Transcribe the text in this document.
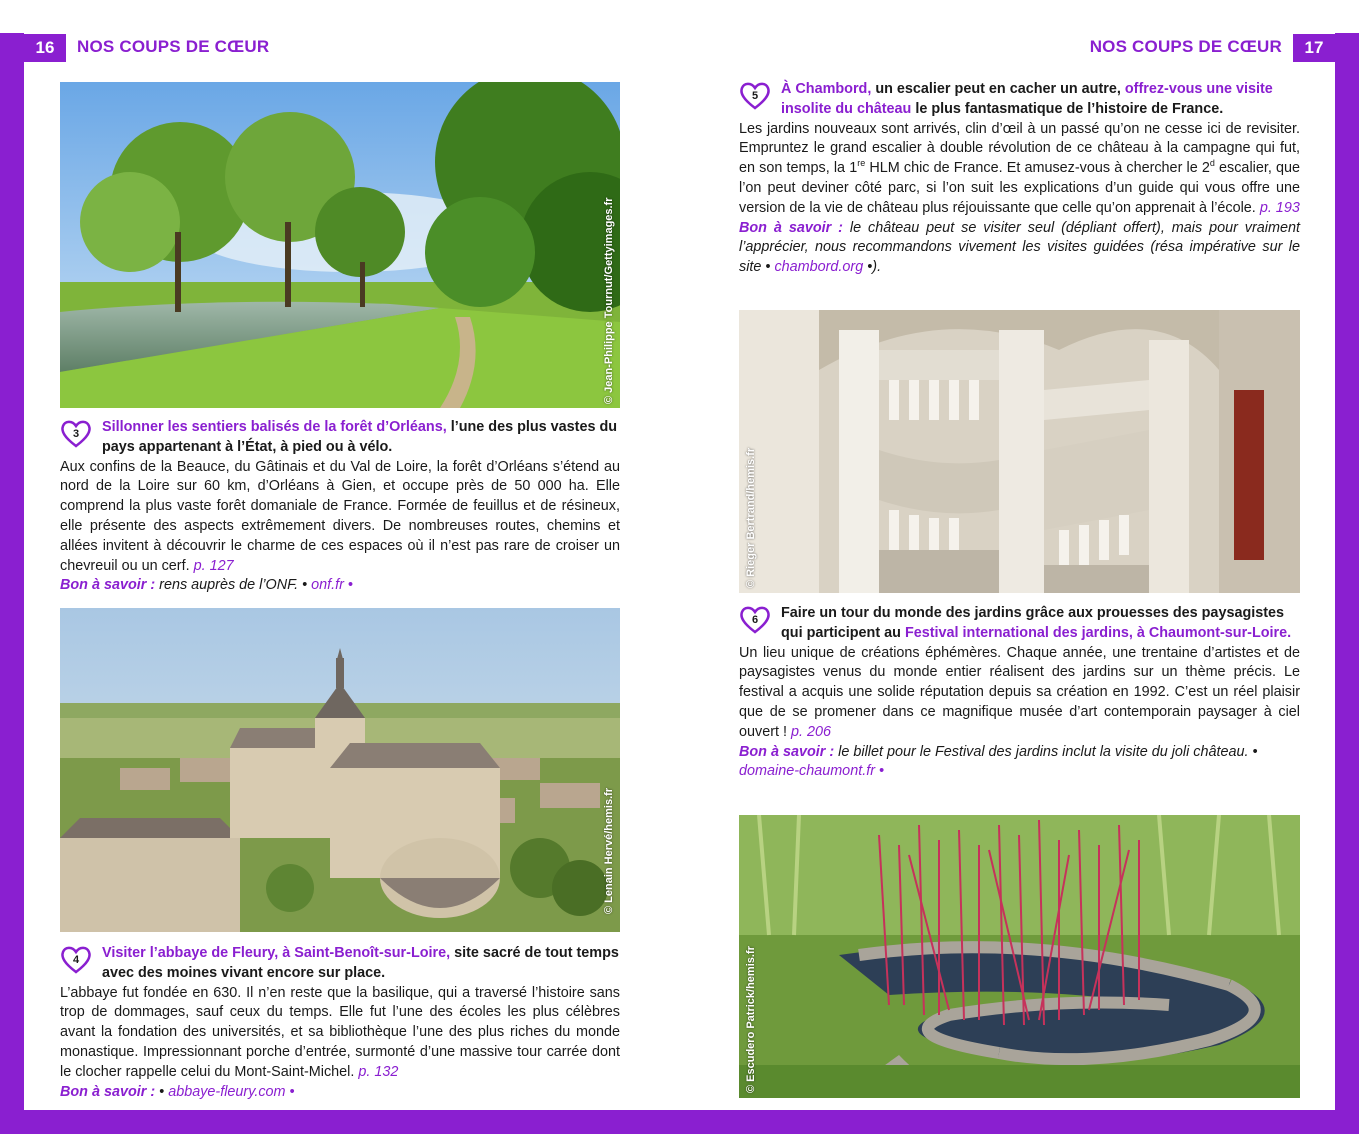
16	NOS COUPS DE CŒUR	NOS COUPS DE CŒUR	17
© Jean-Philippe Tournut/Gettyimages.fr
3	Sillonner les sentiers balisés de la forêt d’Orléans, l’une des plus vastes du pays appartenant à l’État, à pied ou à vélo.
Aux confins de la Beauce, du Gâtinais et du Val de Loire, la forêt d’Orléans s’étend au nord de la Loire sur 60 km, d’Orléans à Gien, et occupe près de 50 000 ha. Elle comprend la plus vaste forêt domaniale de France. Formée de feuillus et de résineux, elle présente des aspects extrêmement divers. De nombreuses routes, chemins et allées invitent à découvrir le charme de ces espaces où il n’est pas rare de croiser un chevreuil ou un cerf. p. 127
Bon à savoir : rens auprès de l’ONF. • onf.fr •
© Lenain Hervé/hemis.fr
4	Visiter l’abbaye de Fleury, à Saint-Benoît-sur-Loire, site sacré de tout temps avec des moines vivant encore sur place.
L’abbaye fut fondée en 630. Il n’en reste que la basilique, qui a traversé l’histoire sans trop de dommages, sauf ceux du temps. Elle fut l’une des écoles les plus célèbres avant la fondation des universités, et sa bibliothèque l’une des plus riches du monde monastique. Impressionnant porche d’entrée, surmonté d’une massive tour carrée dont le clocher rappelle celui du Mont-Saint-Michel. p. 132
Bon à savoir : • abbaye-fleury.com •
5	À Chambord, un escalier peut en cacher un autre, offrez-vous une visite insolite du château le plus fantasmatique de l’histoire de France.
Les jardins nouveaux sont arrivés, clin d’œil à un passé qu’on ne cesse ici de revisiter. Empruntez le grand escalier à double révolution de ce château à la campagne qui fut, en son temps, la 1re HLM chic de France. Et amusez-vous à chercher le 2$^d$ escalier, que l’on peut deviner côté parc, si l’on suit les explications d’un guide qui vous offre une version de la vie de château plus réjouissante que celle qu’on apprenait à l’école. p. 193
Bon à savoir : le château peut se visiter seul (dépliant offert), mais pour vraiment l’apprécier, nous recommandons vivement les visites guidées (résa impérative sur le site • chambord.org •).
© Rieger Bertrand/hemis.fr
6	Faire un tour du monde des jardins grâce aux prouesses des paysagistes qui participent au Festival international des jardins, à Chaumont-sur-Loire.
Un lieu unique de créations éphémères. Chaque année, une trentaine d’artistes et de paysagistes venus du monde entier réalisent des jardins sur un thème précis. Le festival a acquis une solide réputation depuis sa création en 1992. C’est un réel plaisir que de se promener dans ce magnifique musée d’art contemporain paysager à ciel ouvert ! p. 206
Bon à savoir : le billet pour le Festival des jardins inclut la visite du joli château. • domaine-chaumont.fr •
© Escudero Patrick/hemis.fr
